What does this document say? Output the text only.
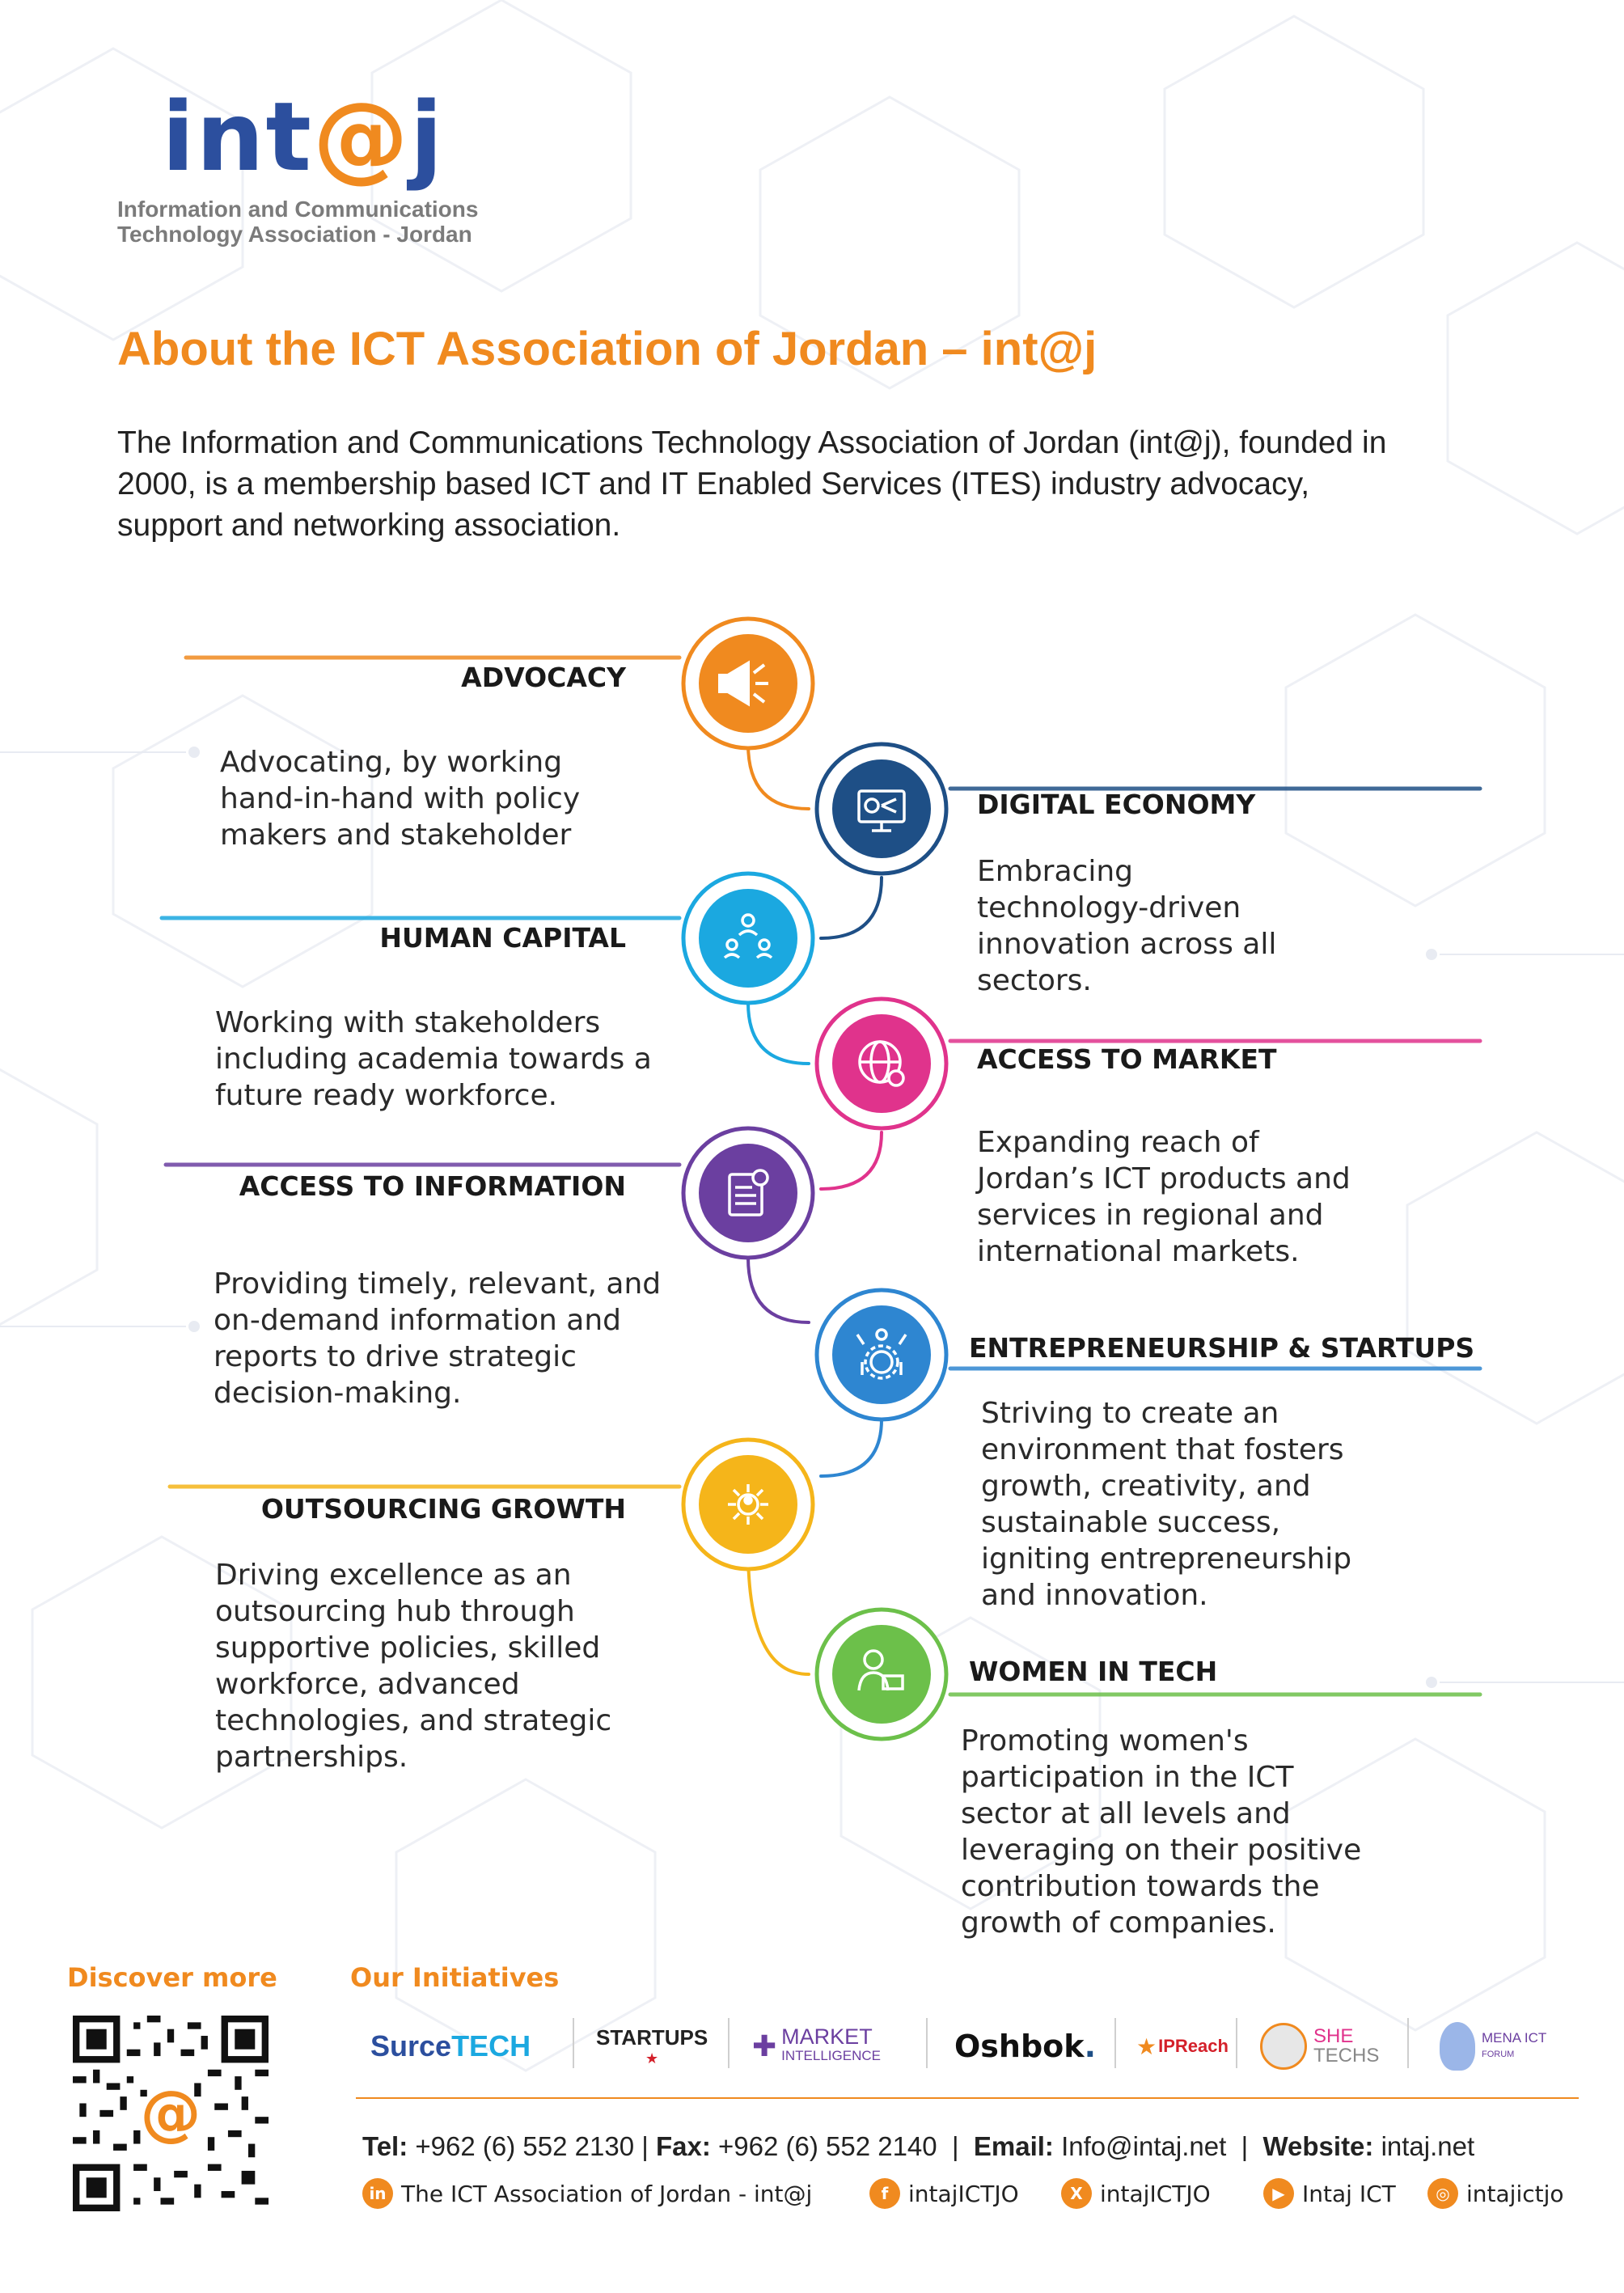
int@j
Information and Communications
Technology Association - Jordan
About the ICT Association of Jordan – int@j
The Information and Communications Technology Association of Jordan (int@j), founded in 2000, is a membership based ICT and IT Enabled Services (ITES) industry advocacy, support and networking association.
ADVOCACY
Advocating, by working
hand-in-hand with policy
makers and stakeholder
DIGITAL ECONOMY
Embracing
technology-driven
innovation across all
sectors.
HUMAN CAPITAL
Working with stakeholders
including academia towards a
future ready workforce.
ACCESS TO MARKET
Expanding reach of
Jordan’s ICT products and
services in regional and
international markets.
ACCESS TO INFORMATION
Providing timely, relevant, and
on-demand information and
reports to drive strategic
decision-making.
ENTREPRENEURSHIP & STARTUPS
Striving to create an
environment that fosters
growth, creativity, and
sustainable success,
igniting entrepreneurship
and innovation.
OUTSOURCING GROWTH
Driving excellence as an
outsourcing hub through
supportive policies, skilled
workforce, advanced
technologies, and strategic
partnerships.
WOMEN IN TECH
Promoting women's
participation in the ICT
sector at all levels and
leveraging on their positive
contribution towards the
growth of companies.
Discover more	Our Initiatives
@
S urce TECH	STARTUPS
★	✚ MARKET
INTELLIGENCE Oshbok . ★ IP Reach	SHE
TECHS
MENA ICT
FORUM
Tel: +962 (6) 552 2130 | Fax: +962 (6) 552 2140  |  Email: Info@intaj.net  |  Website: intaj.net
in The ICT Association of Jordan - int@j	f intajICTJO	X intajICTJO	▶ Intaj ICT	◎ intajictjo
